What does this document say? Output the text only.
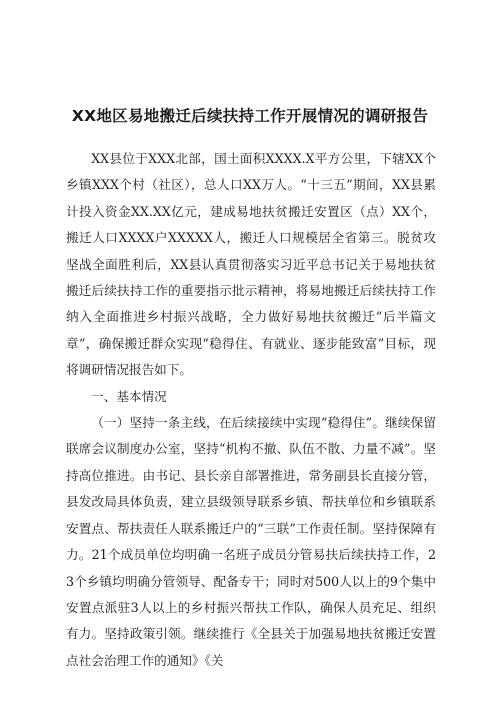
XX地区易地搬迁后续扶持工作开展情况的调研报告

XX县位于XXX北部，国土面积XXXX.X平方公里，下辖XX个乡镇XXX个村（社区），总人口XX万人。“十三五”期间，XX县累计投入资金XX.XX亿元，建成易地扶贫搬迁安置区（点）XX个，搬迁人口XXXX户XXXXX人，搬迁人口规模居全省第三。脱贫攻坚战全面胜利后，XX县认真贯彻落实习近平总书记关于易地扶贫搬迁后续扶持工作的重要指示批示精神，将易地搬迁后续扶持工作纳入全面推进乡村振兴战略，全力做好易地扶贫搬迁“后半篇文章”，确保搬迁群众实现“稳得住、有就业、逐步能致富”目标，现将调研情况报告如下。

一、基本情况

（一）坚持一条主线，在后续接续中实现“稳得住”。继续保留联席会议制度办公室，坚持“机构不撤、队伍不散、力量不减”。坚持高位推进。由书记、县长亲自部署推进，常务副县长直接分管，县发改局具体负责，建立县级领导联系乡镇、帮扶单位和乡镇联系安置点、帮扶责任人联系搬迁户的“三联”工作责任制。坚持保障有力。21个成员单位均明确一名班子成员分管易扶后续扶持工作，23个乡镇均明确分管领导、配备专干；同时对500人以上的9个集中安置点派驻3人以上的乡村振兴帮扶工作队，确保人员充足、组织有力。坚持政策引领。继续推行《全县关于加强易地扶贫搬迁安置点社会治理工作的通知》《关
